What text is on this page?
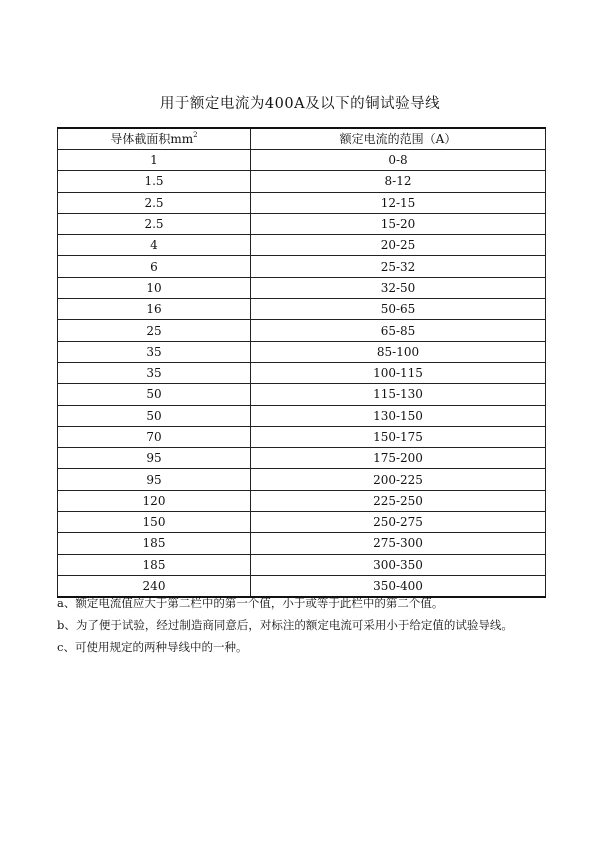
用于额定电流为400A及以下的铜试验导线
导体截面积$mm^2$	额定电流的范围（A）
1	0-8
1.5	8-12
2.5	12-15
2.5	15-20
4	20-25
6	25-32
10	32-50
16	50-65
25	65-85
35	85-100
35	100-115
50	115-130
50	130-150
70	150-175
95	175-200
95	200-225
120	225-250
150	250-275
185	275-300
185	300-350
240	350-400
a、额定电流值应大于第二栏中的第一个值，小于或等于此栏中的第二个值。
b、为了便于试验，经过制造商同意后，对标注的额定电流可采用小于给定值的试验导线。
c、可使用规定的两种导线中的一种。
